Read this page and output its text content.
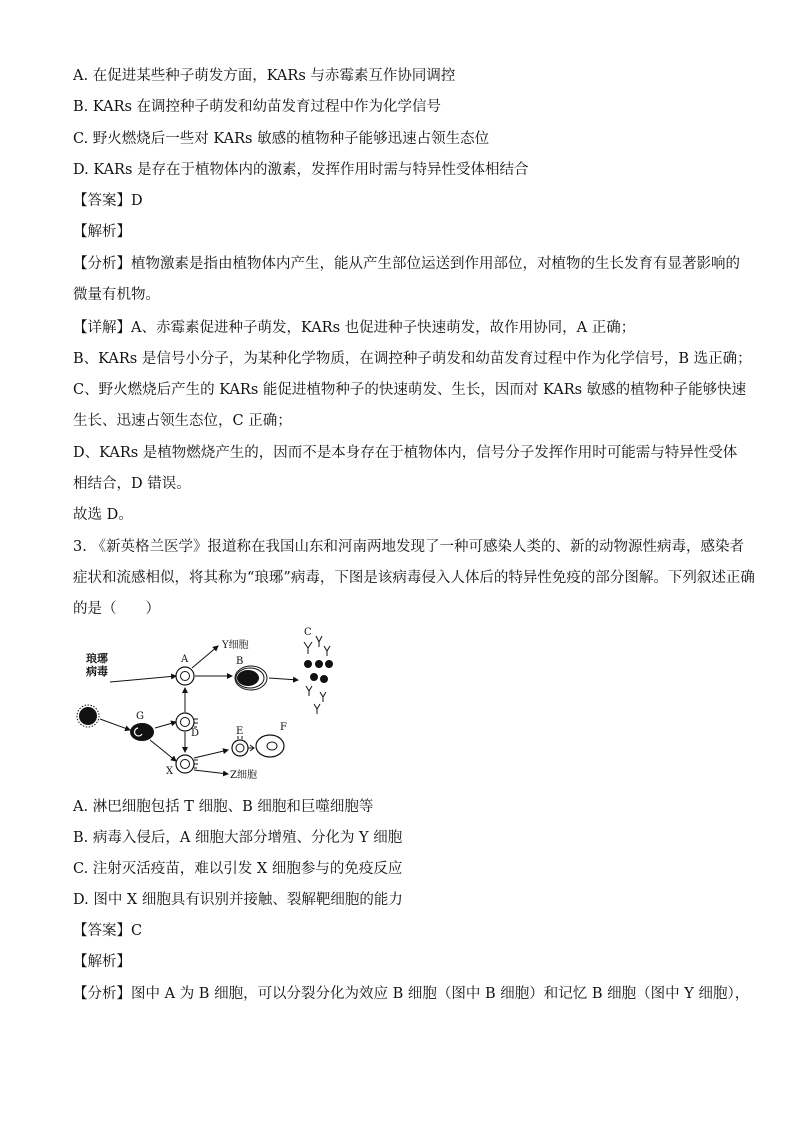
A. 在促进某些种子萌发方面，KARs 与赤霉素互作协同调控
B. KARs 在调控种子萌发和幼苗发育过程中作为化学信号
C. 野火燃烧后一些对 KARs 敏感的植物种子能够迅速占领生态位
D. KARs 是存在于植物体内的激素，发挥作用时需与特异性受体相结合
【答案】D
【解析】
【分析】植物激素是指由植物体内产生，能从产生部位运送到作用部位，对植物的生长发育有显著影响的
微量有机物。
【详解】A、赤霉素促进种子萌发，KARs 也促进种子快速萌发，故作用协同，A 正确；
B、KARs 是信号小分子，为某种化学物质，在调控种子萌发和幼苗发育过程中作为化学信号，B 选正确；
C、野火燃烧后产生的 KARs 能促进植物种子的快速萌发、生长，因而对 KARs 敏感的植物种子能够快速
生长、迅速占领生态位，C 正确；
D、KARs 是植物燃烧产生的，因而不是本身存在于植物体内，信号分子发挥作用时可能需与特异性受体
相结合，D 错误。
故选 D。
3. 《新英格兰医学》报道称在我国山东和河南两地发现了一种可感染人类的、新的动物源性病毒，感染者
症状和流感相似，将其称为“琅琊”病毒，下图是该病毒侵入人体后的特异性免疫的部分图解。下列叙述正确
的是（　　）
琅琊
病毒
A
Y细胞
B
C
G
D
X	Z细胞
E	F
A. 淋巴细胞包括 T 细胞、B 细胞和巨噬细胞等
B. 病毒入侵后，A 细胞大部分增殖、分化为 Y 细胞
C. 注射灭活疫苗，难以引发 X 细胞参与的免疫反应
D. 图中 X 细胞具有识别并接触、裂解靶细胞的能力
【答案】C
【解析】
【分析】图中 A 为 B 细胞，可以分裂分化为效应 B 细胞（图中 B 细胞）和记忆 B 细胞（图中 Y 细胞），
